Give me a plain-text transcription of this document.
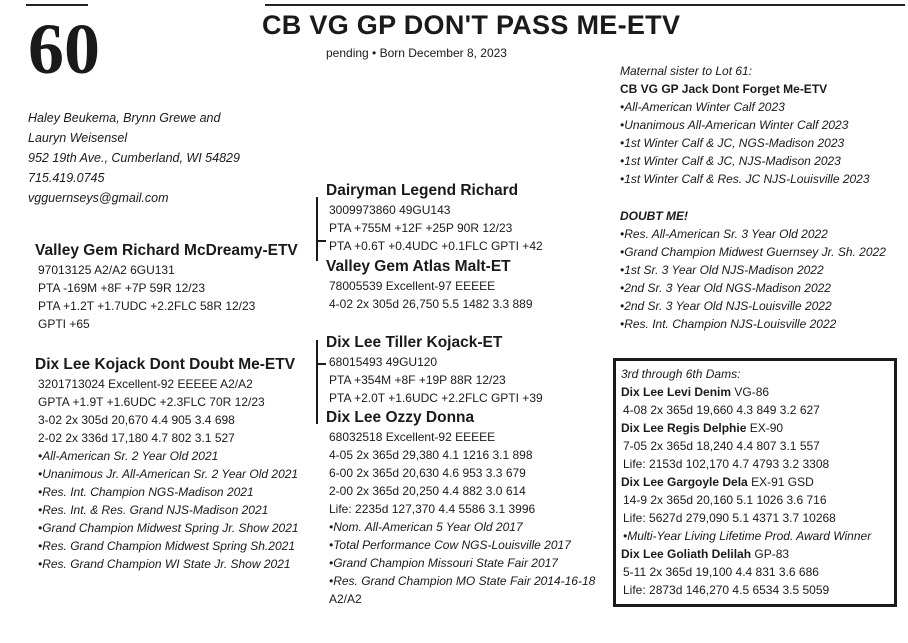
60	CB VG GP DON'T PASS ME-ETV
pending • Born December 8, 2023
Haley Beukema, Brynn Grewe and
Lauryn Weisensel
952 19th Ave., Cumberland, WI 54829
715.419.0745
vgguernseys@gmail.com
Valley Gem Richard McDreamy-ETV
97013125 A2/A2 6GU131
PTA -169M +8F +7P 59R 12/23
PTA +1.2T +1.7UDC +2.2FLC 58R 12/23
GPTI +65
Dix Lee Kojack Dont Doubt Me-ETV
3201713024 Excellent-92 EEEEE A2/A2
GPTA +1.9T +1.6UDC +2.3FLC 70R 12/23
3-02 2x 305d 20,670 4.4 905 3.4 698
2-02 2x 336d 17,180 4.7 802 3.1 527
•All-American Sr. 2 Year Old 2021
•Unanimous Jr. All-American Sr. 2 Year Old 2021
•Res. Int. Champion NGS-Madison 2021
•Res. Int. & Res. Grand NJS-Madison 2021
•Grand Champion Midwest Spring Jr. Show 2021
•Res. Grand Champion Midwest Spring Sh.2021
•Res. Grand Champion WI State Jr. Show 2021
Dairyman Legend Richard
3009973860 49GU143
PTA +755M +12F +25P 90R 12/23
PTA +0.6T +0.4UDC +0.1FLC GPTI +42
Valley Gem Atlas Malt-ET
78005539 Excellent-97 EEEEE
4-02 2x 305d 26,750 5.5 1482 3.3 889
Dix Lee Tiller Kojack-ET
68015493 49GU120
PTA +354M +8F +19P 88R 12/23
PTA +2.0T +1.6UDC +2.2FLC GPTI +39
Dix Lee Ozzy Donna
68032518 Excellent-92 EEEEE
4-05 2x 365d 29,380 4.1 1216 3.1 898
6-00 2x 365d 20,630 4.6 953 3.3 679
2-00 2x 365d 20,250 4.4 882 3.0 614
Life: 2235d 127,370 4.4 5586 3.1 3996
•Nom. All-American 5 Year Old 2017
•Total Performance Cow NGS-Louisville 2017
•Grand Champion Missouri State Fair 2017
•Res. Grand Champion MO State Fair 2014-16-18
A2/A2
Maternal sister to Lot 61:
CB VG GP Jack Dont Forget Me-ETV
•All-American Winter Calf 2023
•Unanimous All-American Winter Calf 2023
•1st Winter Calf & JC, NGS-Madison 2023
•1st Winter Calf & JC, NJS-Madison 2023
•1st Winter Calf & Res. JC NJS-Louisville 2023
DOUBT ME!
•Res. All-American Sr. 3 Year Old 2022
•Grand Champion Midwest Guernsey Jr. Sh. 2022
•1st Sr. 3 Year Old NJS-Madison 2022
•2nd Sr. 3 Year Old NGS-Madison 2022
•2nd Sr. 3 Year Old NJS-Louisville 2022
•Res. Int. Champion NJS-Louisville 2022
3rd through 6th Dams:
Dix Lee Levi Denim VG-86
4-08 2x 365d 19,660 4.3 849 3.2 627
Dix Lee Regis Delphie EX-90
7-05 2x 365d 18,240 4.4 807 3.1 557
Life: 2153d 102,170 4.7 4793 3.2 3308
Dix Lee Gargoyle Dela EX-91 GSD
14-9 2x 365d 20,160 5.1 1026 3.6 716
Life: 5627d 279,090 5.1 4371 3.7 10268
•Multi-Year Living Lifetime Prod. Award Winner
Dix Lee Goliath Delilah GP-83
5-11 2x 365d 19,100 4.4 831 3.6 686
Life: 2873d 146,270 4.5 6534 3.5 5059
